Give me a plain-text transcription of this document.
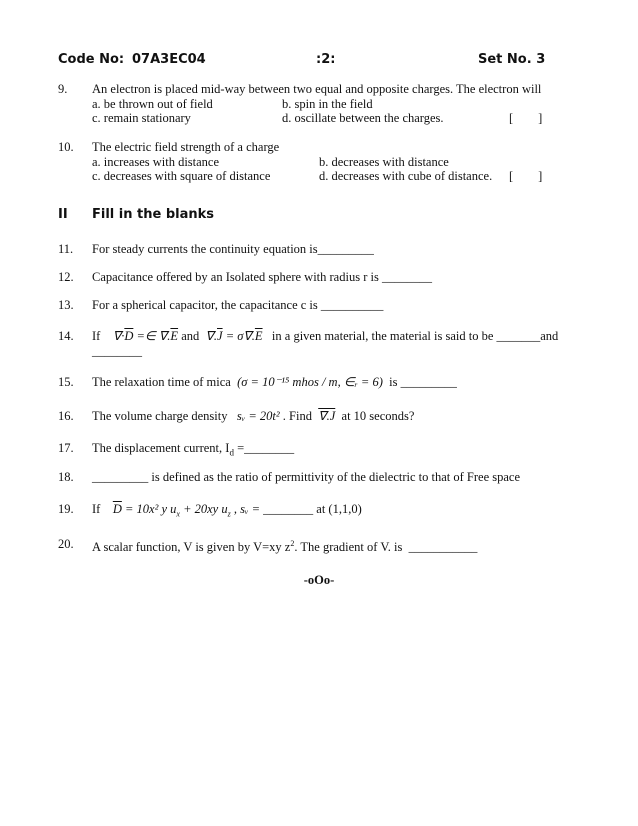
Code No: 07A3EC04	:2:	Set No. 3
9. An electron is placed mid-way between two equal and opposite charges. The electron will
a. be thrown out of field	b. spin in the field
c. remain stationary	d. oscillate between the charges.	[        ]
10. The electric field strength of a charge
a. increases with distance	b. decreases with distance
c. decreases with square of distance	d. decreases with cube of distance. [        ]
II Fill in the blanks
11. For steady currents the continuity equation is_________
12. Capacitance offered by an Isolated sphere with radius r is ________
13. For a spherical capacitor, the capacitance c is __________
14. If $\nabla\cdot\overline{D}$ =∈ $\nabla.\overline{E}$ and  $\nabla.\overline{J} = \sigma\nabla.\overline{E}$ in a given material, the material is said to be _______and
________
15. The relaxation time of mica (σ = 10⁻¹⁵ mhos / m, ∈ᵣ = 6) is _________
16. The volume charge density sᵥ = 20t² . Find ∇.J at 10 seconds?
17. The displacement current, $I_d$ =________
18. _________ is defined as the ratio of permittivity of the dielectric to that of Free space
19. If $\overline{D} = 10x^2$ y $u_x + 20xy$ $u_z$ , sᵥ = ________ at (1,1,0)
20. A scalar function, V is given by V=xy $z^2$. The gradient of V. is  ___________
-oOo-
